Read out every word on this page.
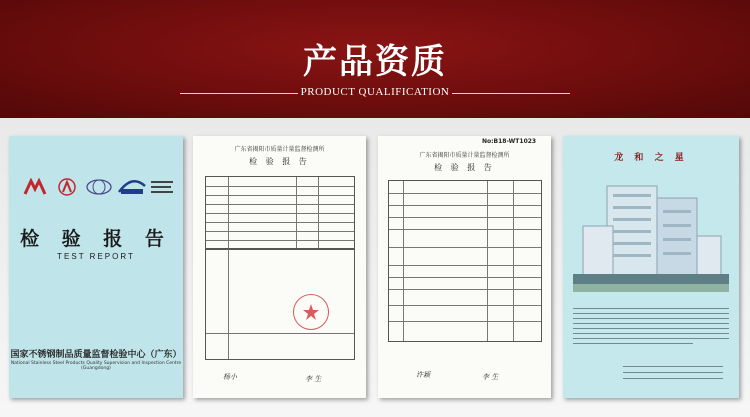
产品资质
PRODUCT QUALIFICATION
检 验 报 告
TEST REPORT
国家不锈钢制品质量监督检验中心（广东）
National Stainless Steel Products Quality Supervision and Inspection Centre (Guangdong)
广东省揭阳市质量计量监督检测所
检 验 报 告
杨小	李 生
No:B18-WT1023
广东省揭阳市质量计量监督检测所
检 验 报 告
许颖	李 生
龙 和 之 星
